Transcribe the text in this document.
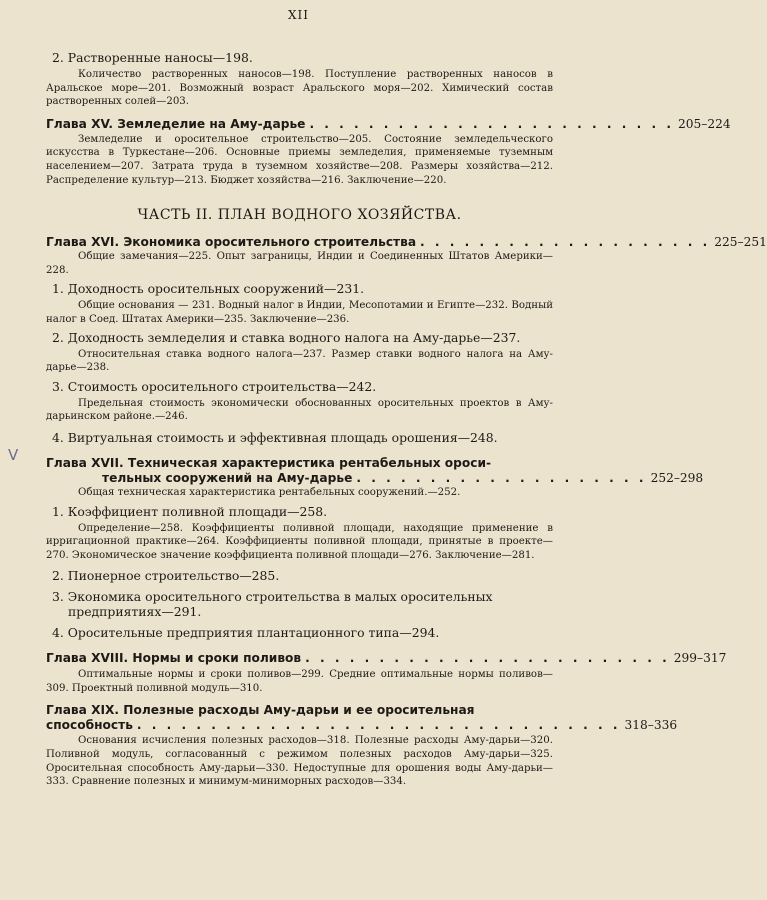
XII

2. Растворенные наносы—198.

Количество растворенных наносов—198. Поступление растворенных наносов в Аральское море—201. Возможный возраст Аральского моря—202. Химический состав растворенных солей—203.

Глава XV. Земледелие на Аму-дарье . . . . . . . . . . . . . . . . . . . . . . . . . 205–224

Земледелие и оросительное строительство—205. Состояние земледельческого искусства в Туркестане—206. Основные приемы земледелия, применяемые туземным населением—207. Затрата труда в туземном хозяйстве—208. Размеры хозяйства—212. Распределение культур—213. Бюджет хозяйства—216. Заключение—220.

ЧАСТЬ II. ПЛАН ВОДНОГО ХОЗЯЙСТВА.

Глава XVI. Экономика оросительного строительства . . . . . . . . . . . . . . . . . . . . 225–251

Общие замечания—225. Опыт заграницы, Индии и Соединенных Штатов Америки—228.

1. Доходность оросительных сооружений—231.

Общие основания — 231. Водный налог в Индии, Месопотамии и Египте—232. Водный налог в Соед. Штатах Америки—235. Заключение—236.

2. Доходность земледелия и ставка водного налога на Аму-дарье—237.

Относительная ставка водного налога—237. Размер ставки водного налога на Аму-дарье—238.

3. Стоимость оросительного строительства—242.

Предельная стоимость экономически обоснованных оросительных проектов в Аму-дарьинском районе.—246.

4. Виртуальная стоимость и эффективная площадь орошения—248.

Глава XVII. Техническая характеристика рентабельных ороси-

тельных сооружений на Аму-дарье . . . . . . . . . . . . . . . . . . . . 252–298

Общая техническая характеристика рентабельных сооружений.—252.

1. Коэффициент поливной площади—258.

Определение—258. Коэффициенты поливной площади, находящие применение в ирригационной практике—264. Коэффициенты поливной площади, принятые в проекте—270. Экономическое значение коэффициента поливной площади—276. Заключение—281.

2. Пионерное строительство—285.

3. Экономика оросительного строительства в малых оросительных

предприятиях—291.

4. Оросительные предприятия плантационного типа—294.

Глава XVIII. Нормы и сроки поливов . . . . . . . . . . . . . . . . . . . . . . . . . 299–317

Оптимальные нормы и сроки поливов—299. Средние оптимальные нормы поливов—309. Проектный поливной модуль—310.

Глава XIX. Полезные расходы Аму-дарьи и ее оросительная

способность . . . . . . . . . . . . . . . . . . . . . . . . . . . . . . . . . 318–336

Основания исчисления полезных расходов—318. Полезные расходы Аму-дарьи—320. Поливной модуль, согласованный с режимом полезных расходов Аму-дарьи—325. Оросительная способность Аму-дарьи—330. Недоступные для орошения воды Аму-дарьи—333. Сравнение полезных и минимум-миниморных расходов—334.

V
